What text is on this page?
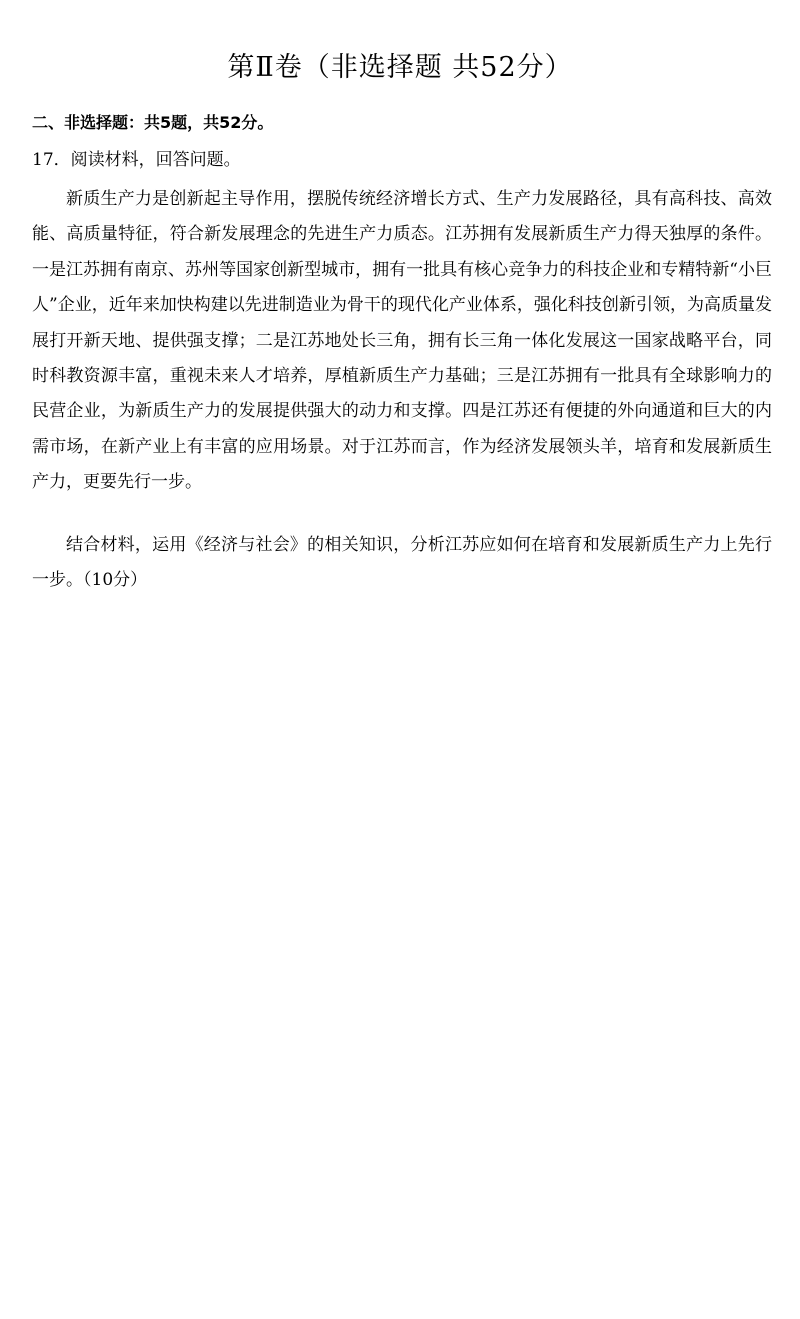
第Ⅱ卷（非选择题 共52分）
二、非选择题：共5题，共52分。
17．阅读材料，回答问题。

新质生产力是创新起主导作用，摆脱传统经济增长方式、生产力发展路径，具有高科技、高效能、高质量特征，符合新发展理念的先进生产力质态。江苏拥有发展新质生产力得天独厚的条件。一是江苏拥有南京、苏州等国家创新型城市，拥有一批具有核心竞争力的科技企业和专精特新“小巨人”企业，近年来加快构建以先进制造业为骨干的现代化产业体系，强化科技创新引领，为高质量发展打开新天地、提供强支撑；二是江苏地处长三角，拥有长三角一体化发展这一国家战略平台，同时科教资源丰富，重视未来人才培养，厚植新质生产力基础；三是江苏拥有一批具有全球影响力的民营企业，为新质生产力的发展提供强大的动力和支撑。四是江苏还有便捷的外向通道和巨大的内需市场，在新产业上有丰富的应用场景。对于江苏而言，作为经济发展领头羊，培育和发展新质生产力，更要先行一步。

结合材料，运用《经济与社会》的相关知识，分析江苏应如何在培育和发展新质生产力上先行一步。（10分）
